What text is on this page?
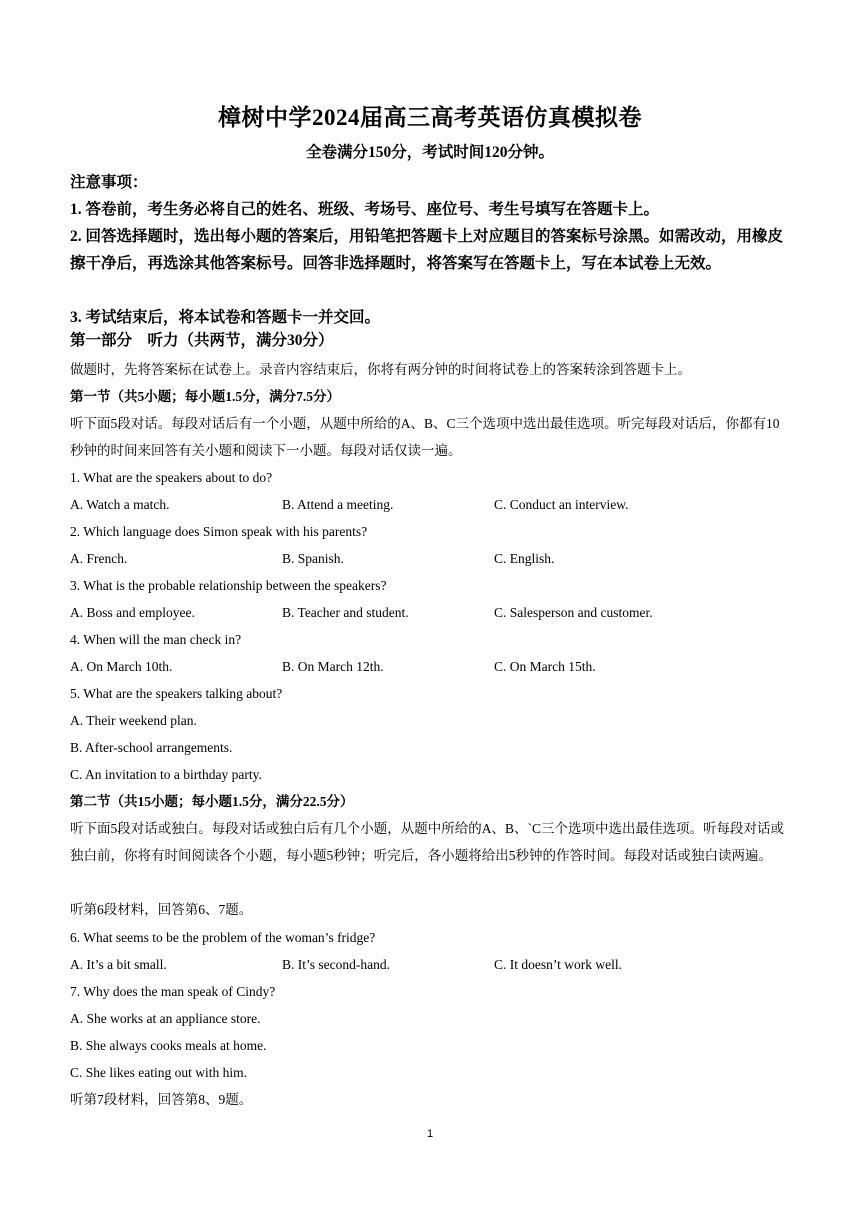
樟树中学2024届高三高考英语仿真模拟卷
全卷满分150分，考试时间120分钟。
注意事项：
1. 答卷前，考生务必将自己的姓名、班级、考场号、座位号、考生号填写在答题卡上。
2. 回答选择题时，选出每小题的答案后，用铅笔把答题卡上对应题目的答案标号涂黑。如需改动，用橡皮擦干净后，再选涂其他答案标号。回答非选择题时，将答案写在答题卡上，写在本试卷上无效。
3. 考试结束后，将本试卷和答题卡一并交回。
第一部分　听力（共两节，满分30分）
做题时，先将答案标在试卷上。录音内容结束后，你将有两分钟的时间将试卷上的答案转涂到答题卡上。
第一节（共5小题；每小题1.5分，满分7.5分）
听下面5段对话。每段对话后有一个小题，从题中所给的A、B、C三个选项中选出最佳选项。听完每段对话后，你都有10秒钟的时间来回答有关小题和阅读下一小题。每段对话仅读一遍。
1. What are the speakers about to do?
A. Watch a match.	B. Attend a meeting.	C. Conduct an interview.
2. Which language does Simon speak with his parents?
A. French.	B. Spanish.	C. English.
3. What is the probable relationship between the speakers?
A. Boss and employee.	B. Teacher and student.	C. Salesperson and customer.
4. When will the man check in?
A. On March 10th.	B. On March 12th.	C. On March 15th.
5. What are the speakers talking about?
A. Their weekend plan.
B. After-school arrangements.
C. An invitation to a birthday party.
第二节（共15小题；每小题1.5分，满分22.5分）
听下面5段对话或独白。每段对话或独白后有几个小题，从题中所给的A、B、`C三个选项中选出最佳选项。听每段对话或独白前，你将有时间阅读各个小题，每小题5秒钟；听完后，各小题将给出5秒钟的作答时间。每段对话或独白读两遍。
听第6段材料，回答第6、7题。
6. What seems to be the problem of the woman’s fridge?
A. It’s a bit small.	B. It’s second-hand.	C. It doesn’t work well.
7. Why does the man speak of Cindy?
A. She works at an appliance store.
B. She always cooks meals at home.
C. She likes eating out with him.
听第7段材料，回答第8、9题。
1
